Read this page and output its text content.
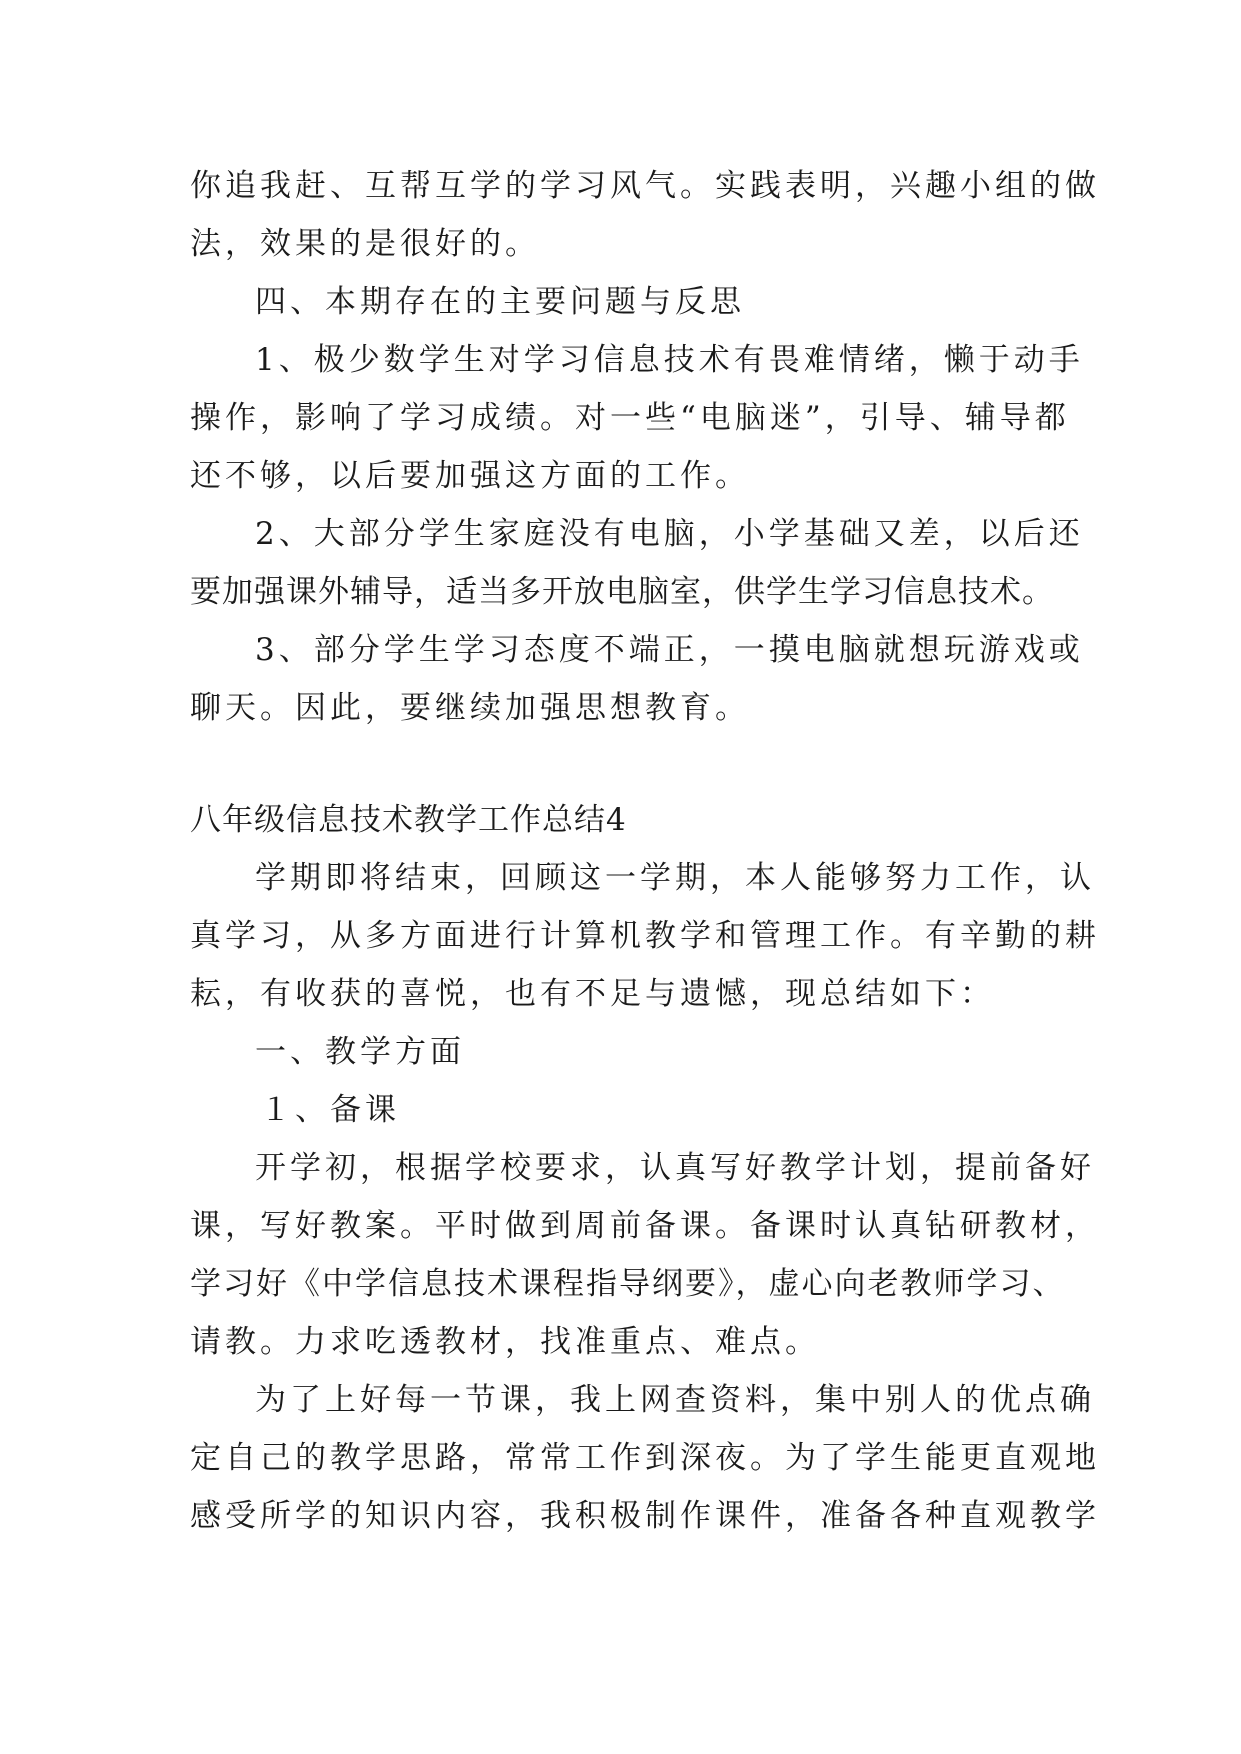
你追我赶、互帮互学的学习风气。实践表明，兴趣小组的做

法，效果的是很好的。

四、本期存在的主要问题与反思

1、极少数学生对学习信息技术有畏难情绪，懒于动手

操作，影响了学习成绩。对一些“电脑迷”，引导、辅导都

还不够，以后要加强这方面的工作。

2、大部分学生家庭没有电脑，小学基础又差，以后还

要加强课外辅导，适当多开放电脑室，供学生学习信息技术。

3、部分学生学习态度不端正，一摸电脑就想玩游戏或

聊天。因此，要继续加强思想教育。

八年级信息技术教学工作总结4

学期即将结束，回顾这一学期，本人能够努力工作，认

真学习，从多方面进行计算机教学和管理工作。有辛勤的耕

耘，有收获的喜悦，也有不足与遗憾，现总结如下：

一、教学方面

１、备课

开学初，根据学校要求，认真写好教学计划，提前备好

课，写好教案。平时做到周前备课。备课时认真钻研教材，

学习好《中学信息技术课程指导纲要》，虚心向老教师学习、

请教。力求吃透教材，找准重点、难点。

为了上好每一节课，我上网查资料，集中别人的优点确

定自己的教学思路，常常工作到深夜。为了学生能更直观地

感受所学的知识内容，我积极制作课件，准备各种直观教学
